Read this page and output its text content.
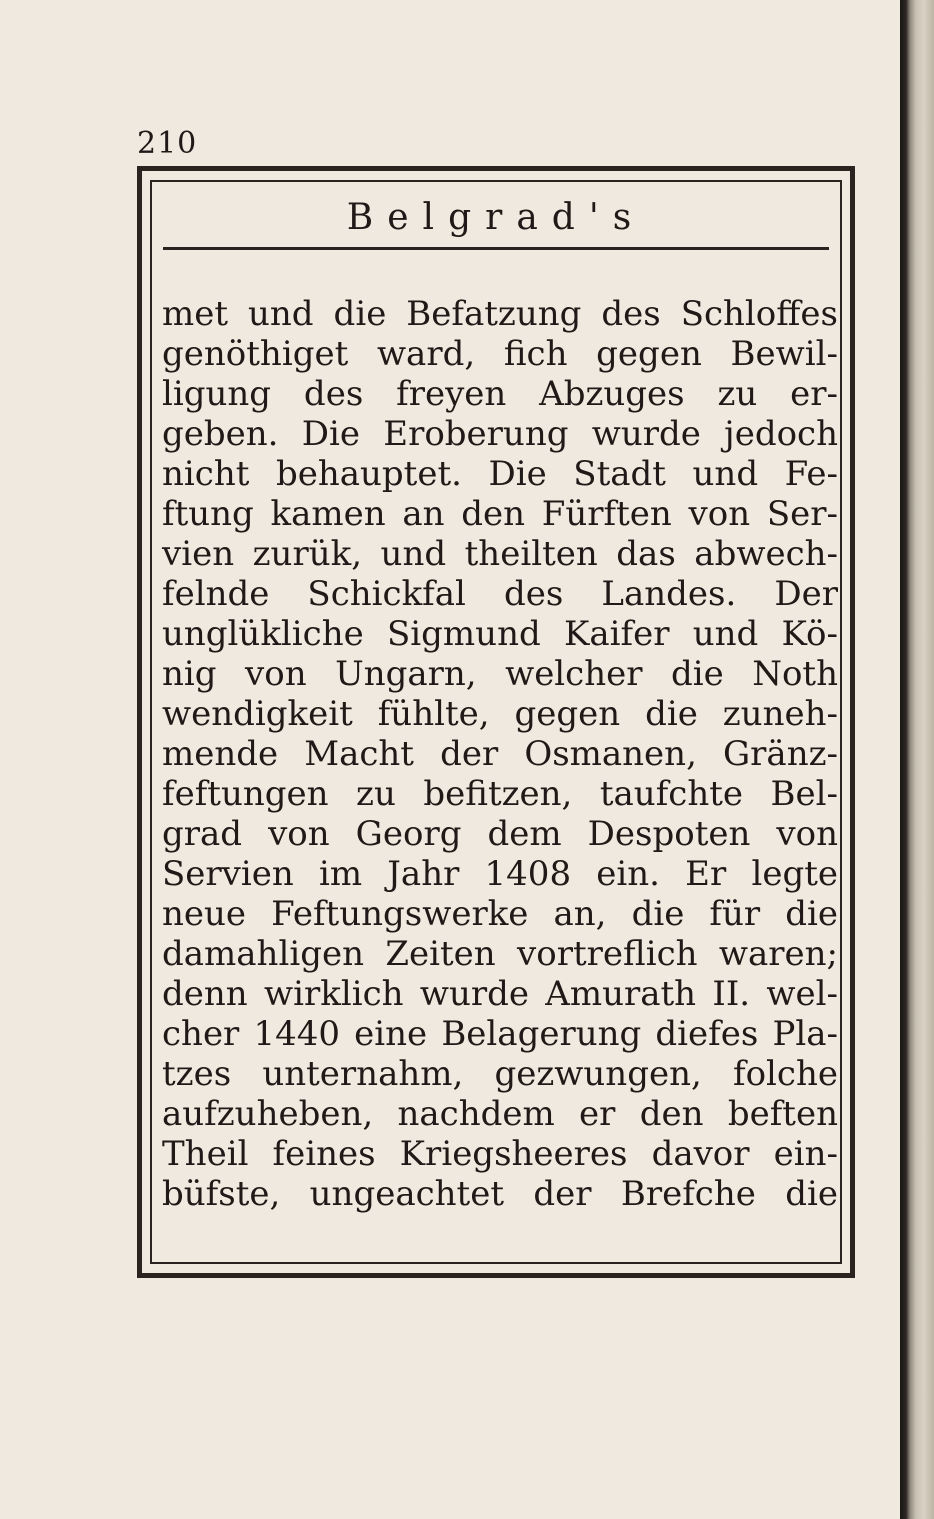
210
Belgrad's
met und die Befatzung des Schloffes
genöthiget ward, fich gegen Bewil-
ligung des freyen Abzuges zu er-
geben. Die Eroberung wurde jedoch
nicht behauptet. Die Stadt und Fe-
ftung kamen an den Fürften von Ser-
vien zurük, und theilten das abwech-
felnde Schickfal des Landes. Der
unglükliche Sigmund Kaifer und Kö-
nig von Ungarn, welcher die Noth
wendigkeit fühlte, gegen die zuneh-
mende Macht der Osmanen, Gränz-
feftungen zu befitzen, taufchte Bel-
grad von Georg dem Despoten von
Servien im Jahr 1408 ein. Er legte
neue Feftungswerke an, die für die
damahligen Zeiten vortreflich waren;
denn wirklich wurde Amurath II. wel-
cher 1440 eine Belagerung diefes Pla-
tzes unternahm, gezwungen, folche
aufzuheben, nachdem er den beften
Theil feines Kriegsheeres davor ein-
büfste, ungeachtet der Brefche die
